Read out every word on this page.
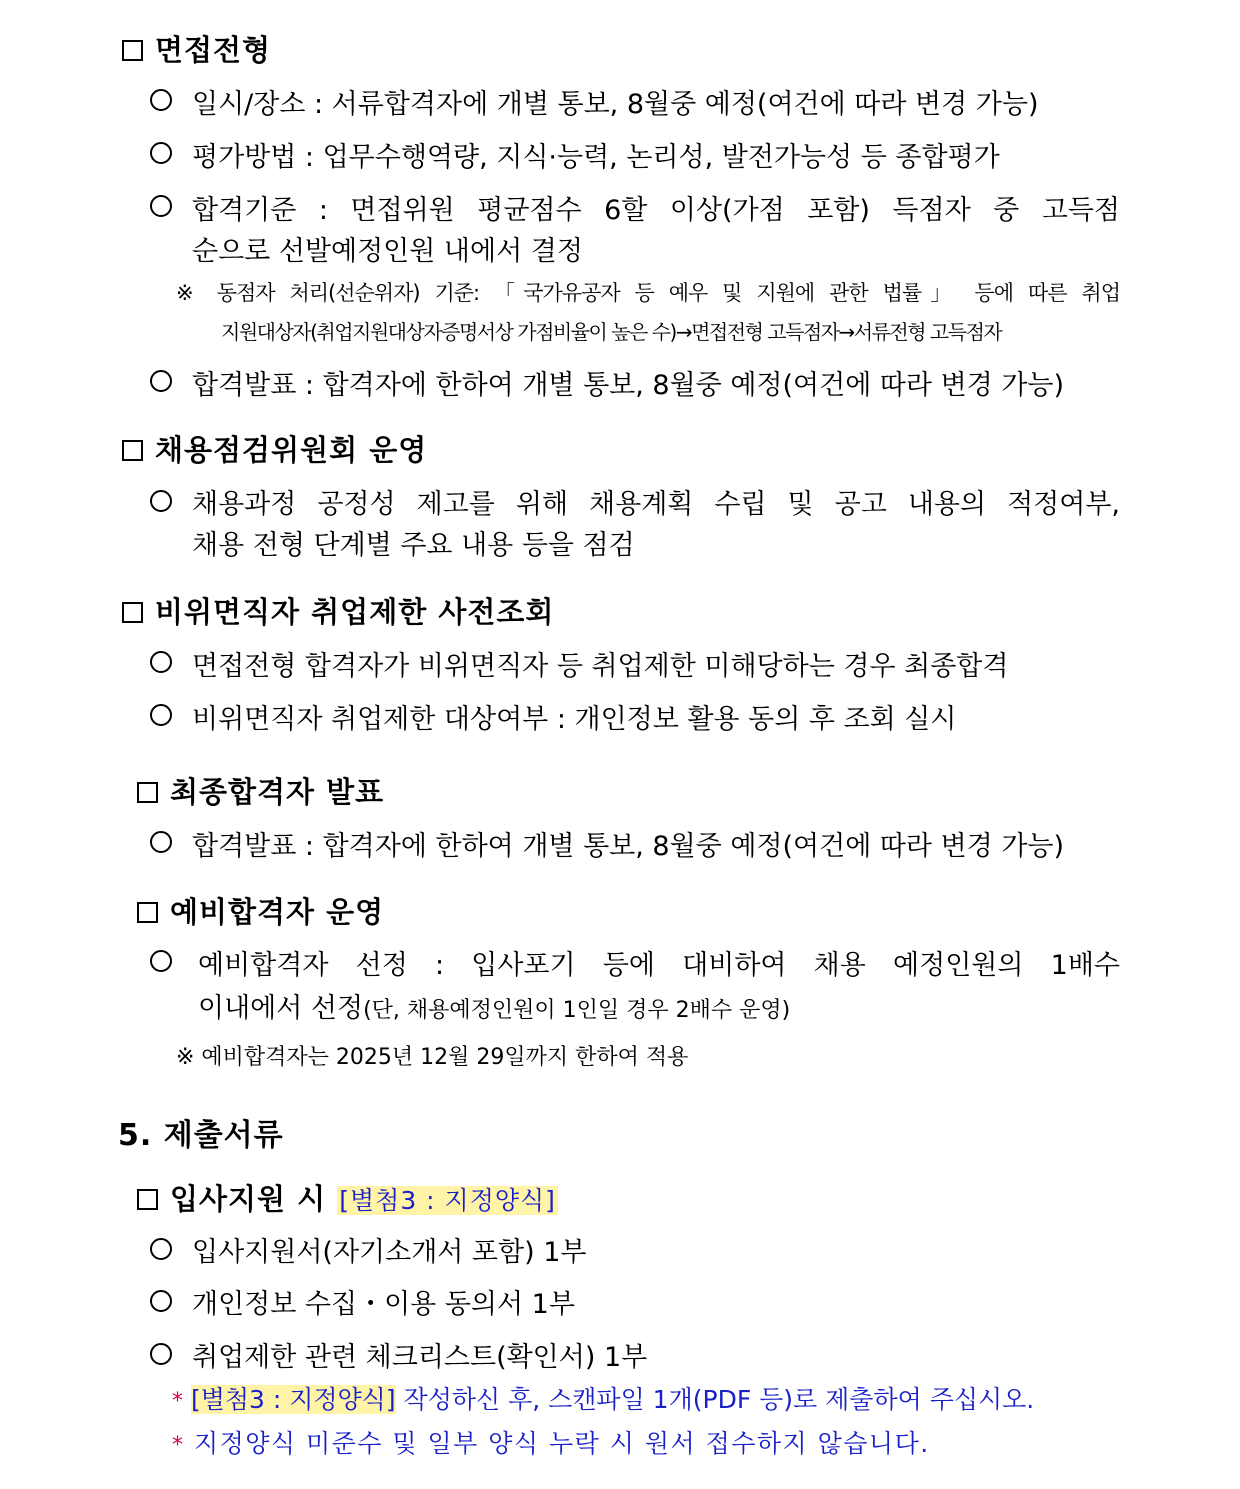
면접전형
일시/장소 : 서류합격자에 개별 통보, 8월중 예정(여건에 따라 변경 가능)
평가방법 : 업무수행역량, 지식·능력, 논리성, 발전가능성 등 종합평가
합격기준 : 면접위원 평균점수 6할 이상(가점 포함) 득점자 중 고득점
순으로 선발예정인원 내에서 결정
※ 동점자 처리(선순위자) 기준: 「국가유공자 등 예우 및 지원에 관한 법률」 등에 따른 취업
지원대상자(취업지원대상자증명서상 가점비율이 높은 수)→면접전형 고득점자→서류전형 고득점자
합격발표 : 합격자에 한하여 개별 통보, 8월중 예정(여건에 따라 변경 가능)
채용점검위원회 운영
채용과정 공정성 제고를 위해 채용계획 수립 및 공고 내용의 적정여부,
채용 전형 단계별 주요 내용 등을 점검
비위면직자 취업제한 사전조회
면접전형 합격자가 비위면직자 등 취업제한 미해당하는 경우 최종합격
비위면직자 취업제한 대상여부 : 개인정보 활용 동의 후 조회 실시
최종합격자 발표
합격발표 : 합격자에 한하여 개별 통보, 8월중 예정(여건에 따라 변경 가능)
예비합격자 운영
예비합격자 선정 : 입사포기 등에 대비하여 채용 예정인원의 1배수
이내에서 선정(단, 채용예정인원이 1인일 경우 2배수 운영)
※ 예비합격자는 2025년 12월 29일까지 한하여 적용
5. 제출서류
입사지원 시 [별첨3 : 지정양식]
입사지원서(자기소개서 포함) 1부
개인정보 수집・이용 동의서 1부
취업제한 관련 체크리스트(확인서) 1부
* [별첨3 : 지정양식] 작성하신 후, 스캔파일 1개(PDF 등)로 제출하여 주십시오.
* 지정양식 미준수 및 일부 양식 누락 시 원서 접수하지 않습니다.
